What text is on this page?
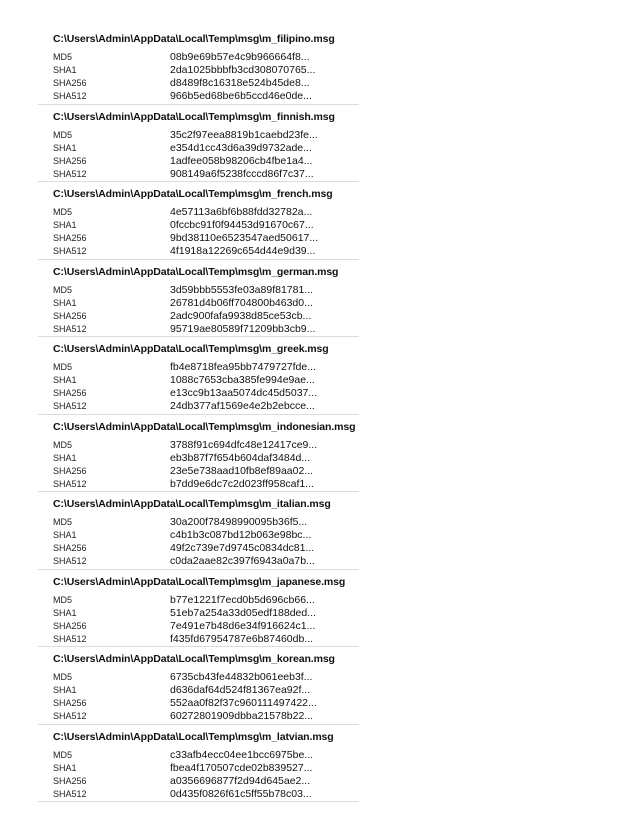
C:\Users\Admin\AppData\Local\Temp\msg\m_filipino.msg
MD5	08b9e69b57e4c9b966664f8...
SHA1	2da1025bbbfb3cd308070765...
SHA256	d8489f8c16318e524b45de8...
SHA512	966b5ed68be6b5ccd46e0de...
C:\Users\Admin\AppData\Local\Temp\msg\m_finnish.msg
MD5	35c2f97eea8819b1caebd23fe...
SHA1	e354d1cc43d6a39d9732ade...
SHA256	1adfee058b98206cb4fbe1a4...
SHA512	908149a6f5238fcccd86f7c37...
C:\Users\Admin\AppData\Local\Temp\msg\m_french.msg
MD5	4e57113a6bf6b88fdd32782a...
SHA1	0fccbc91f0f94453d91670c67...
SHA256	9bd38110e6523547aed50617...
SHA512	4f1918a12269c654d44e9d39...
C:\Users\Admin\AppData\Local\Temp\msg\m_german.msg
MD5	3d59bbb5553fe03a89f81781...
SHA1	26781d4b06ff704800b463d0...
SHA256	2adc900fafa9938d85ce53cb...
SHA512	95719ae80589f71209bb3cb9...
C:\Users\Admin\AppData\Local\Temp\msg\m_greek.msg
MD5	fb4e8718fea95bb7479727fde...
SHA1	1088c7653cba385fe994e9ae...
SHA256	e13cc9b13aa5074dc45d5037...
SHA512	24db377af1569e4e2b2ebcce...
C:\Users\Admin\AppData\Local\Temp\msg\m_indonesian.msg
MD5	3788f91c694dfc48e12417ce9...
SHA1	eb3b87f7f654b604daf3484d...
SHA256	23e5e738aad10fb8ef89aa02...
SHA512	b7dd9e6dc7c2d023ff958caf1...
C:\Users\Admin\AppData\Local\Temp\msg\m_italian.msg
MD5	30a200f78498990095b36f5...
SHA1	c4b1b3c087bd12b063e98bc...
SHA256	49f2c739e7d9745c0834dc81...
SHA512	c0da2aae82c397f6943a0a7b...
C:\Users\Admin\AppData\Local\Temp\msg\m_japanese.msg
MD5	b77e1221f7ecd0b5d696cb66...
SHA1	51eb7a254a33d05edf188ded...
SHA256	7e491e7b48d6e34f916624c1...
SHA512	f435fd67954787e6b87460db...
C:\Users\Admin\AppData\Local\Temp\msg\m_korean.msg
MD5	6735cb43fe44832b061eeb3f...
SHA1	d636daf64d524f81367ea92f...
SHA256	552aa0f82f37c960111497422...
SHA512	60272801909dbba21578b22...
C:\Users\Admin\AppData\Local\Temp\msg\m_latvian.msg
MD5	c33afb4ecc04ee1bcc6975be...
SHA1	fbea4f170507cde02b839527...
SHA256	a0356696877f2d94d645ae2...
SHA512	0d435f0826f61c5ff55b78c03...
